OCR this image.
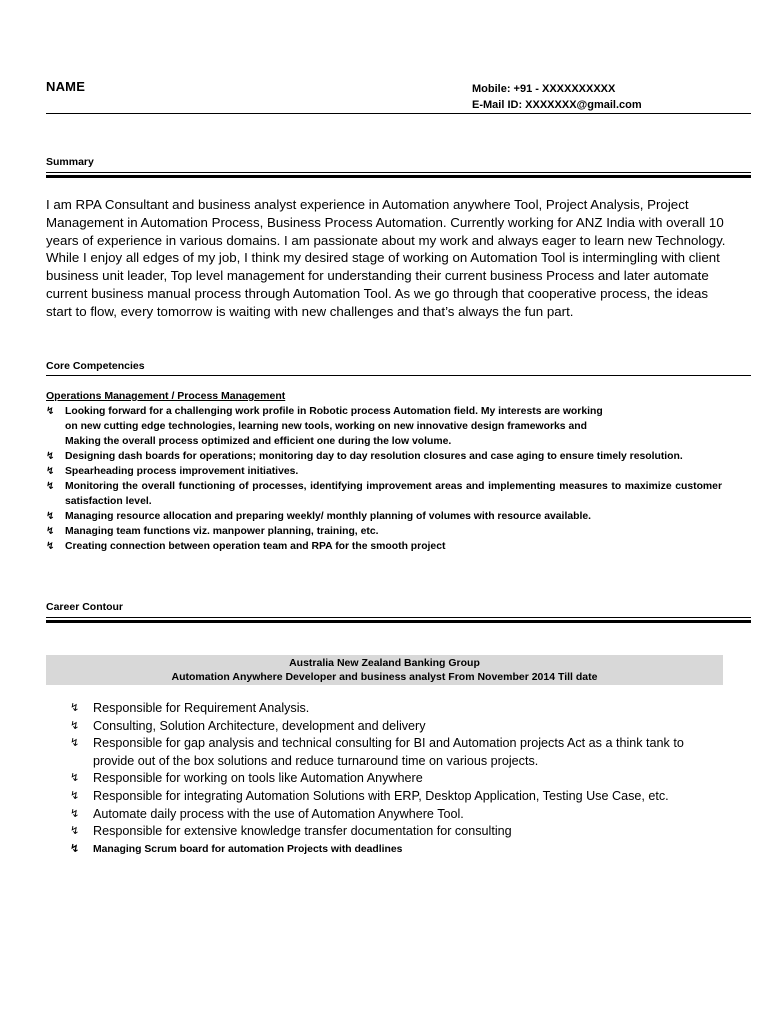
NAME	Mobile: +91 - XXXXXXXXXX
E-Mail ID: XXXXXXX@gmail.com
Summary

I am RPA Consultant and business analyst experience in Automation anywhere Tool, Project Analysis, Project Management in Automation Process, Business Process Automation. Currently working for ANZ India with overall 10 years of experience in various domains. I am passionate about my work and always eager to learn new Technology. While I enjoy all edges of my job, I think my desired stage of working on Automation Tool is intermingling with client business unit leader, Top level management for understanding their current business Process and later automate current business manual process through Automation Tool. As we go through that cooperative process, the ideas start to flow, every tomorrow is waiting with new challenges and that’s always the fun part.

Core Competencies
Operations Management / Process Management
↯ Looking forward for a challenging work profile in Robotic process Automation field. My interests are working
on new cutting edge technologies, learning new tools, working on new innovative design frameworks and
Making the overall process optimized and efficient one during the low volume.
↯ Designing dash boards for operations; monitoring day to day resolution closures and case aging to ensure timely resolution.
↯ Spearheading process improvement initiatives.
↯ Monitoring the overall functioning of processes, identifying improvement areas and implementing measures to maximize customer satisfaction level.
↯ Managing resource allocation and preparing weekly/ monthly planning of volumes with resource available.
↯ Managing team functions viz. manpower planning, training, etc.
↯ Creating connection between operation team and RPA for the smooth project
Career Contour
Australia New Zealand Banking Group
Automation Anywhere Developer and business analyst From November 2014 Till date
↯ Responsible for Requirement Analysis.
↯ Consulting, Solution Architecture, development and delivery
↯ Responsible for gap analysis and technical consulting for BI and Automation projects Act as a think tank to provide out of the box solutions and reduce turnaround time on various projects.
↯ Responsible for working on tools like Automation Anywhere
↯ Responsible for integrating Automation Solutions with ERP, Desktop Application, Testing Use Case, etc.
↯ Automate daily process with the use of Automation Anywhere Tool.
↯ Responsible for extensive knowledge transfer documentation for consulting
↯ Managing Scrum board for automation Projects with deadlines
